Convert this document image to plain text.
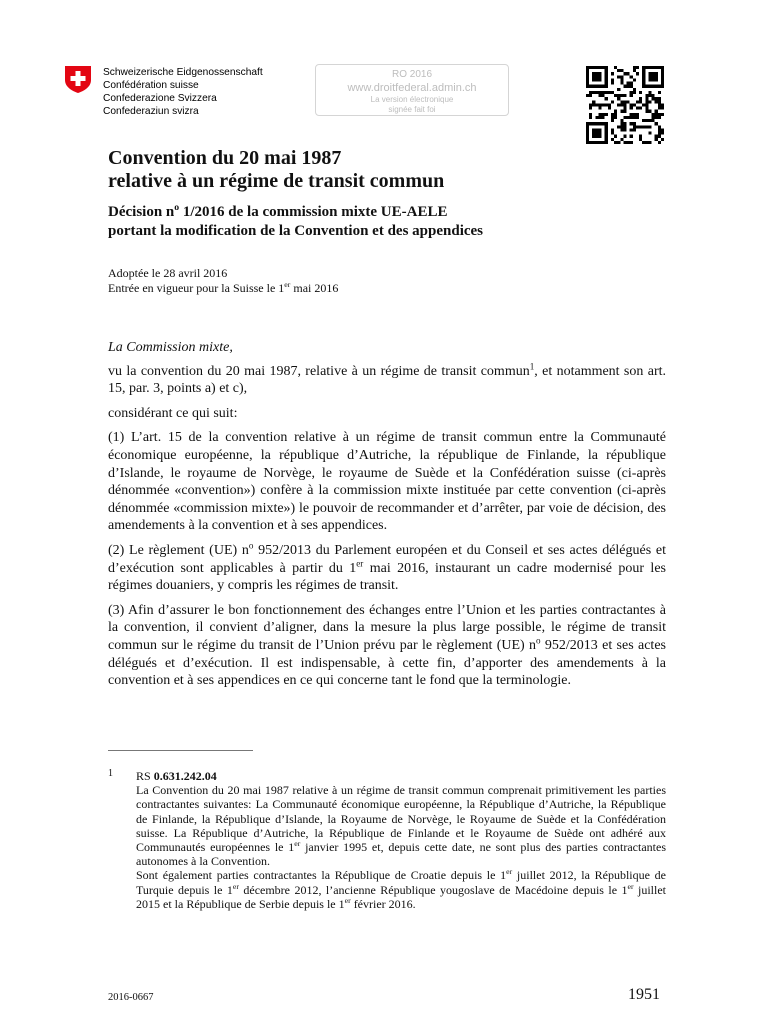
Schweizerische Eidgenossenschaft
Confédération suisse
Confederazione Svizzera
Confederaziun svizra
RO 2016
www.droitfederal.admin.ch
La version électronique
signée fait foi
Convention du 20 mai 1987
relative à un régime de transit commun
Décision $n^o$ 1/2016 de la commission mixte UE-AELE
portant la modification de la Convention et des appendices
Adoptée le 28 avril 2016
Entrée en vigueur pour la Suisse le 1er mai 2016

La Commission mixte,

vu la convention du 20 mai 1987, relative à un régime de transit commun$^1$, et notamment son art. 15, par. 3, points a) et c),

considérant ce qui suit:

(1) L’art. 15 de la convention relative à un régime de transit commun entre la Communauté économique européenne, la république d’Autriche, la république de Finlande, la république d’Islande, le royaume de Norvège, le royaume de Suède et la Confédération suisse (ci-après dénommée «convention») confère à la commission mixte instituée par cette convention (ci-après dénommée «commission mixte») le pouvoir de recommander et d’arrêter, par voie de décision, des amendements à la convention et à ses appendices.

(2) Le règlement (UE) $n^o$ 952/2013 du Parlement européen et du Conseil et ses actes délégués et d’exécution sont applicables à partir du 1er mai 2016, instaurant un cadre modernisé pour les régimes douaniers, y compris les régimes de transit.

(3) Afin d’assurer le bon fonctionnement des échanges entre l’Union et les parties contractantes à la convention, il convient d’aligner, dans la mesure la plus large possible, le régime de transit commun sur le régime du transit de l’Union prévu par le règlement (UE) $n^o$ 952/2013 et ses actes délégués et d’exécution. Il est indispensable, à cette fin, d’apporter des amendements à la convention et à ses appendices en ce qui concerne tant le fond que la terminologie.

1 RS 0.631.242.04

La Convention du 20 mai 1987 relative à un régime de transit commun comprenait primitivement les parties contractantes suivantes: La Communauté économique européenne, la République d’Autriche, la République de Finlande, la République d’Islande, la Royaume de Norvège, le Royaume de Suède et la Confédération suisse. La République d’Autriche, la République de Finlande et le Royaume de Suède ont adhéré aux Communautés européennes le 1er janvier 1995 et, depuis cette date, ne sont plus des parties contractantes autonomes à la Convention.

Sont également parties contractantes la République de Croatie depuis le 1er juillet 2012, la République de Turquie depuis le 1er décembre 2012, l’ancienne République yougoslave de Macédoine depuis le 1er juillet 2015 et la République de Serbie depuis le 1er février 2016.

2016-0667	1951
